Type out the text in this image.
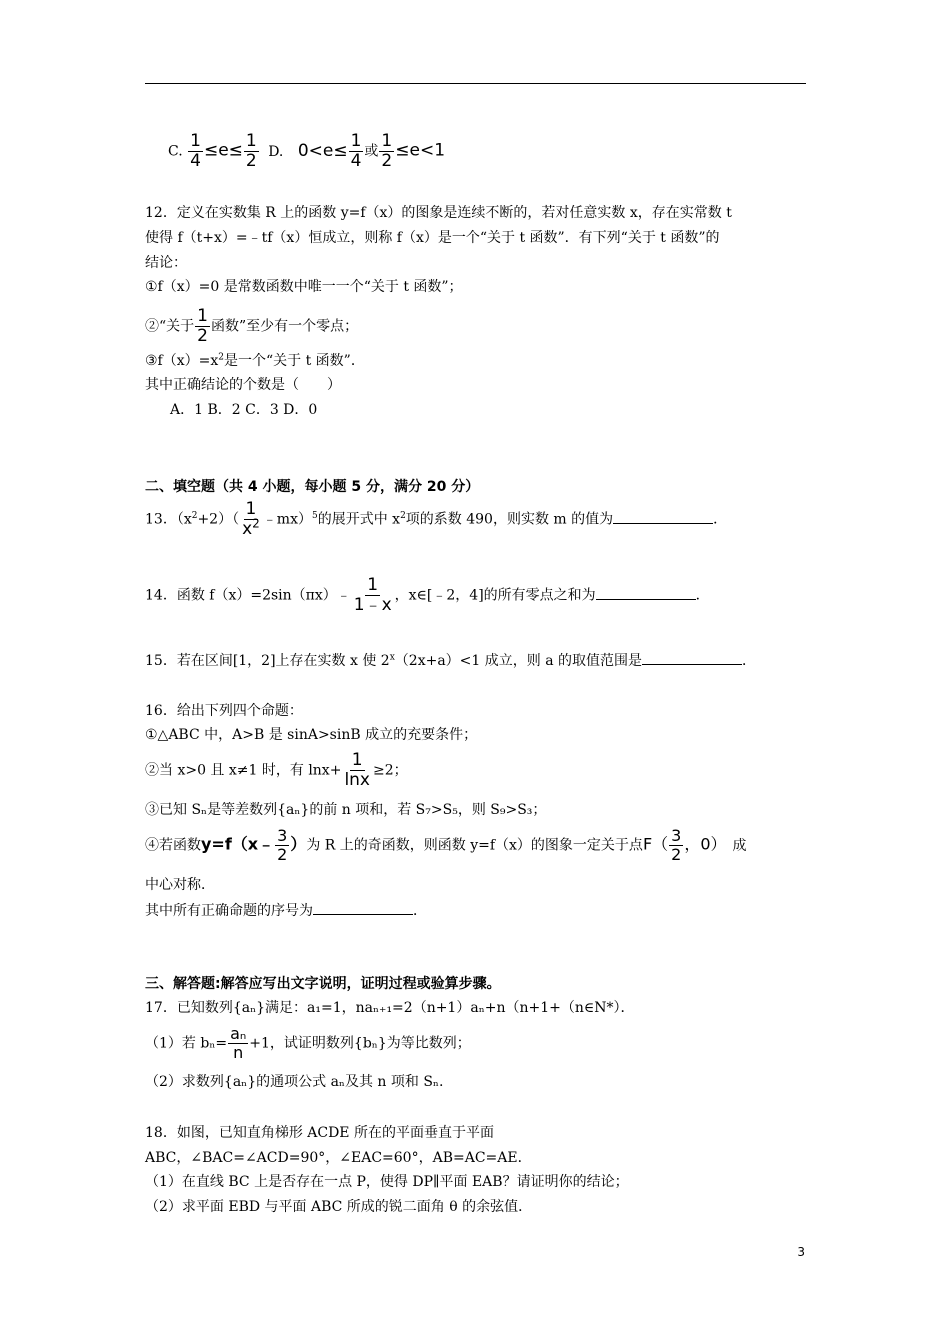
C. $\frac{1}{4} \le e\le \frac{1}{2} D$. $0<e\le \frac{1}{4}$ 或 $\frac{1}{2} \le e<1$
12．定义在实数集 R 上的函数 y=f（x）的图象是连续不断的，若对任意实数 x，存在实常数 t
使得 f（t+x）=﹣tf（x）恒成立，则称 f（x）是一个“关于 t 函数”．有下列“关于 t 函数”的
结论：
①f（x）=0 是常数函数中唯一一个“关于 t 函数”；
②“关于 $\frac{1}{2}$ 函数”至少有一个零点；
$③f(x)=x^2$是一个“关于 t 函数”．
其中正确结论的个数是（　　）
A．1 B．2 C．3 D．0
二、填空题（共 4 小题，每小题 5 分，满分 20 分）
13．$(x^2+2)( \frac{1}{x^2}$ ﹣mx）$^5$的展开式中 $x^2$项的系数 490，则实数 m 的值为	．
14．函数 f（x）=2sin（πx）﹣ $\frac{1}{1﹣x}$ ，x∈[﹣2，4]的所有零点之和为	．
15．若在区间[1，2]上存在实数 x 使 $2^x(2x+a)<1$ 成立，则 a 的取值范围是	．
16．给出下列四个命题：
①△ABC 中，A>B 是 sinA>sinB 成立的充要条件；
②当 x>0 且 x≠1 时，有 $\ln x+ \frac{1}{\ln x} \ge 2$；
③已知 Sₙ是等差数列{aₙ}的前 n 项和，若 S₇>S₅，则 S₉>S₃；
④若函数y=f（x﹣ $\frac{3}{2}$ ）为 R 上的奇函数，则函数 y=f（x）的图象一定关于点$F( \frac{3}{2}$ ，0） 成
中心对称．
其中所有正确命题的序号为	．
三、解答题:解答应写出文字说明，证明过程或验算步骤。
17．已知数列{aₙ}满足：a₁=1，naₙ₊₁=2（n+1）aₙ+n（n+1+（n∈N*）．
（1）若 $b_n= \frac{\text{aₙ}}{n} +1$，试证明数列{bₙ}为等比数列；
（2）求数列{aₙ}的通项公式 aₙ及其 n 项和 Sₙ.
18．如图，已知直角梯形 ACDE 所在的平面垂直于平面
ABC，∠BAC=∠ACD=90°，∠EAC=60°，AB=AC=AE．
（1）在直线 BC 上是否存在一点 P，使得 DP∥平面 EAB？请证明你的结论；
（2）求平面 EBD 与平面 ABC 所成的锐二面角 θ 的余弦值．
3
